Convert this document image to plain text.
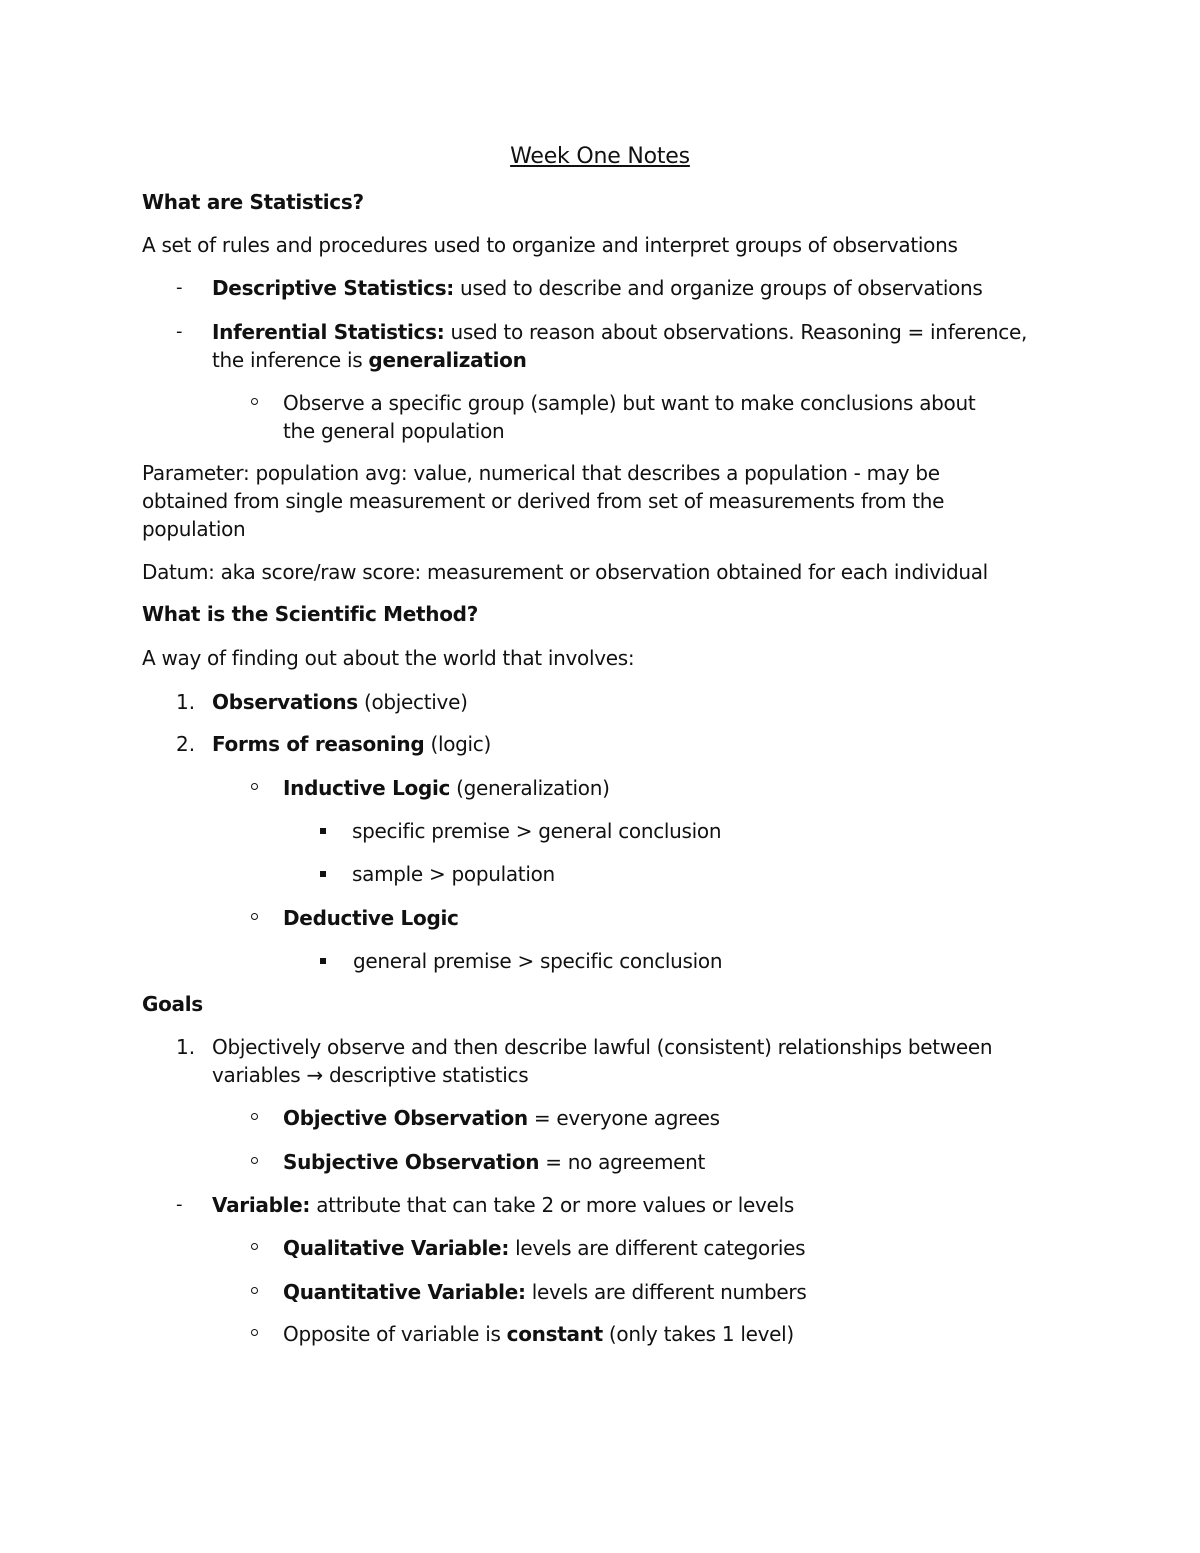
Week One Notes
What are Statistics?
A set of rules and procedures used to organize and interpret groups of observations
- Descriptive Statistics: used to describe and organize groups of observations
- Inferential Statistics: used to reason about observations. Reasoning = inference,
the inference is generalization
Observe a specific group (sample) but want to make conclusions about
the general population
Parameter: population avg: value, numerical that describes a population - may be
obtained from single measurement or derived from set of measurements from the
population
Datum: aka score/raw score: measurement or observation obtained for each individual
What is the Scientific Method?
A way of finding out about the world that involves:
1. Observations (objective)
2. Forms of reasoning (logic)
Inductive Logic (generalization)
specific premise > general conclusion
sample > population
Deductive Logic
general premise > specific conclusion
Goals
1. Objectively observe and then describe lawful (consistent) relationships between
variables → descriptive statistics
Objective Observation = everyone agrees
Subjective Observation = no agreement
- Variable: attribute that can take 2 or more values or levels
Qualitative Variable: levels are different categories
Quantitative Variable: levels are different numbers
Opposite of variable is constant (only takes 1 level)
